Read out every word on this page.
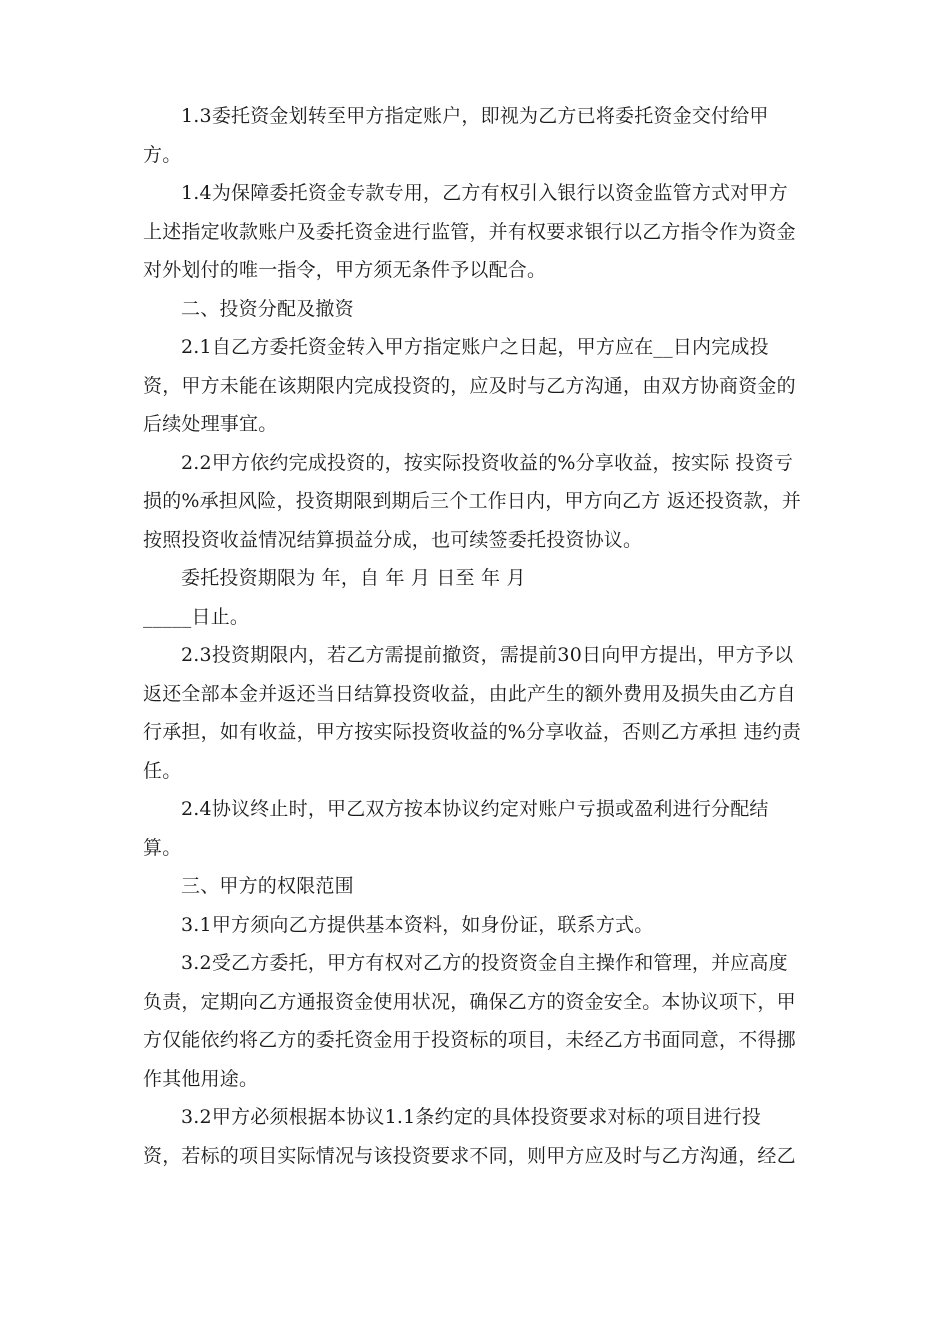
1.3委托资金划转至甲方指定账户，即视为乙方已将委托资金交付给甲
方。
1.4为保障委托资金专款专用，乙方有权引入银行以资金监管方式对甲方
上述指定收款账户及委托资金进行监管，并有权要求银行以乙方指令作为资金
对外划付的唯一指令，甲方须无条件予以配合。
二、投资分配及撤资
2.1自乙方委托资金转入甲方指定账户之日起，甲方应在__日内完成投
资，甲方未能在该期限内完成投资的，应及时与乙方沟通，由双方协商资金的
后续处理事宜。
2.2甲方依约完成投资的，按实际投资收益的%分享收益，按实际 投资亏
损的%承担风险，投资期限到期后三个工作日内，甲方向乙方 返还投资款，并
按照投资收益情况结算损益分成，也可续签委托投资协议。
委托投资期限为 年，自 年 月 日至 年 月
_____日止。
2.3投资期限内，若乙方需提前撤资，需提前30日向甲方提出，甲方予以
返还全部本金并返还当日结算投资收益，由此产生的额外费用及损失由乙方自
行承担，如有收益，甲方按实际投资收益的%分享收益，否则乙方承担 违约责
任。
2.4协议终止时，甲乙双方按本协议约定对账户亏损或盈利进行分配结
算。
三、甲方的权限范围
3.1甲方须向乙方提供基本资料，如身份证，联系方式。
3.2受乙方委托，甲方有权对乙方的投资资金自主操作和管理，并应高度
负责，定期向乙方通报资金使用状况，确保乙方的资金安全。本协议项下，甲
方仅能依约将乙方的委托资金用于投资标的项目，未经乙方书面同意，不得挪
作其他用途。
3.2甲方必须根据本协议1.1条约定的具体投资要求对标的项目进行投
资，若标的项目实际情况与该投资要求不同，则甲方应及时与乙方沟通，经乙
